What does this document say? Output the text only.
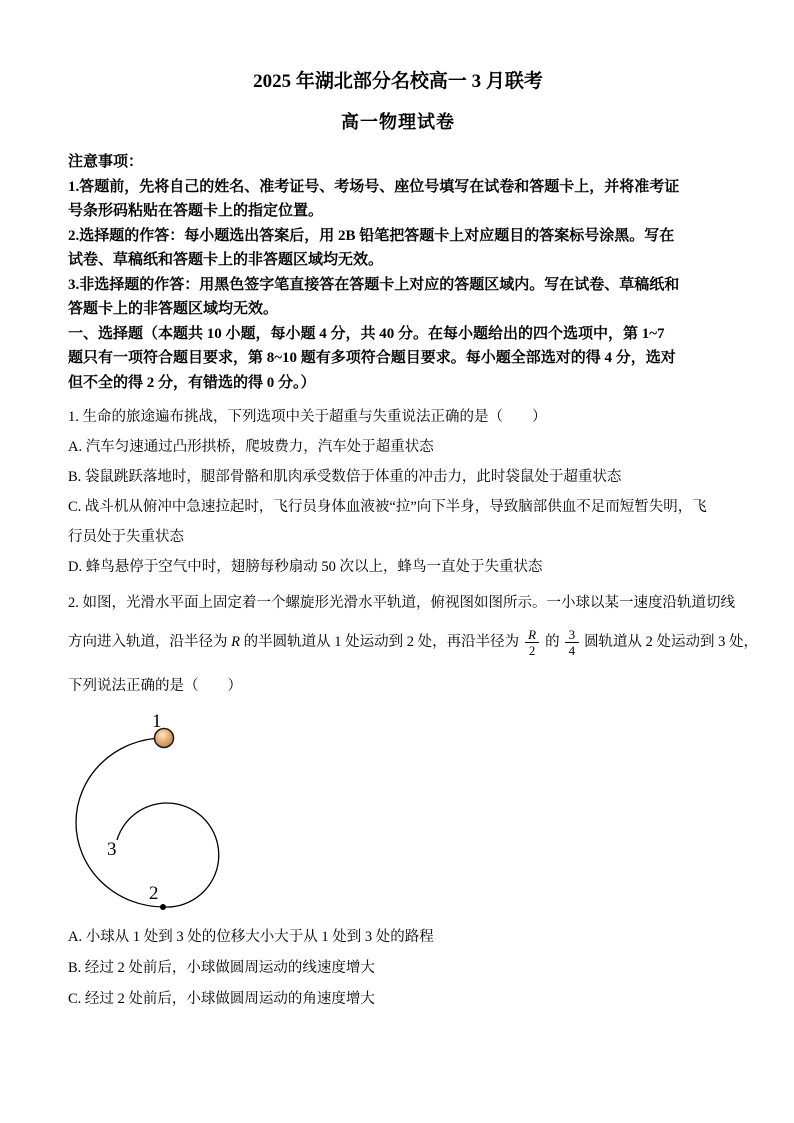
2025 年湖北部分名校高一 3 月联考
高一物理试卷
注意事项：
1.答题前，先将自己的姓名、准考证号、考场号、座位号填写在试卷和答题卡上，并将准考证
号条形码粘贴在答题卡上的指定位置。
2.选择题的作答：每小题选出答案后，用 2B 铅笔把答题卡上对应题目的答案标号涂黑。写在
试卷、草稿纸和答题卡上的非答题区域均无效。
3.非选择题的作答：用黑色签字笔直接答在答题卡上对应的答题区域内。写在试卷、草稿纸和
答题卡上的非答题区域均无效。
一、选择题（本题共 10 小题，每小题 4 分，共 40 分。在每小题给出的四个选项中，第 1~7
题只有一项符合题目要求，第 8~10 题有多项符合题目要求。每小题全部选对的得 4 分，选对
但不全的得 2 分，有错选的得 0 分。）
1. 生命的旅途遍布挑战，下列选项中关于超重与失重说法正确的是（　　）
A. 汽车匀速通过凸形拱桥，爬坡费力，汽车处于超重状态
B. 袋鼠跳跃落地时，腿部骨骼和肌肉承受数倍于体重的冲击力，此时袋鼠处于超重状态
C. 战斗机从俯冲中急速拉起时，飞行员身体血液被“拉”向下半身，导致脑部供血不足而短暂失明，飞
行员处于失重状态
D. 蜂鸟悬停于空气中时，翅膀每秒扇动 50 次以上，蜂鸟一直处于失重状态
2. 如图，光滑水平面上固定着一个螺旋形光滑水平轨道，俯视图如图所示。一小球以某一速度沿轨道切线
方向进入轨道，沿半径为 R 的半圆轨道从 1 处运动到 2 处，再沿半径为 $\frac{R}{2}$ 的 $\frac{3}{4}$ 圆轨道从 2 处运动到 3 处，
下列说法正确的是（　　）
1
2
3
A. 小球从 1 处到 3 处的位移大小大于从 1 处到 3 处的路程
B. 经过 2 处前后，小球做圆周运动的线速度增大
C. 经过 2 处前后，小球做圆周运动的角速度增大
